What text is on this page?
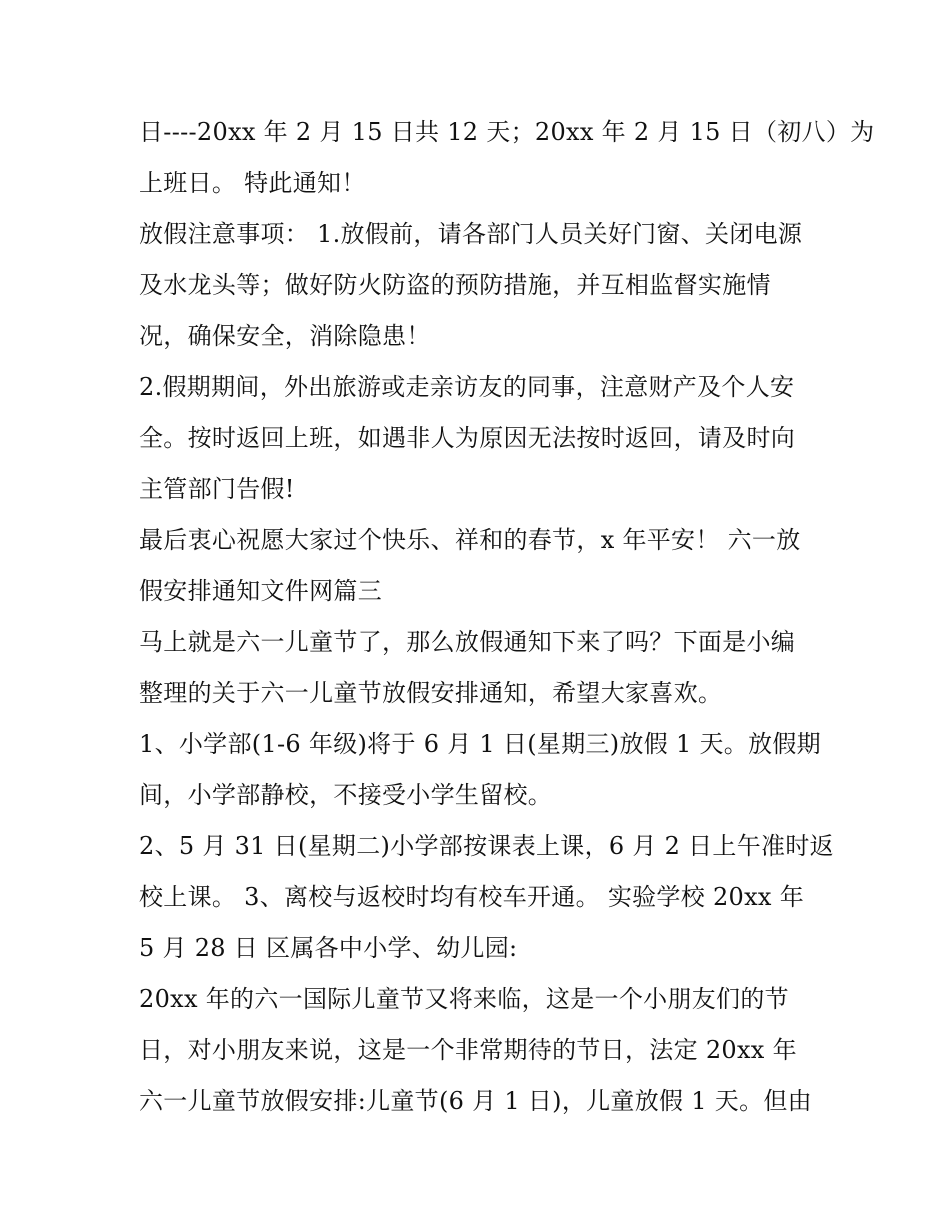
日----20xx 年 2 月 15 日共 12 天；20xx 年 2 月 15 日（初八）为
上班日。 特此通知！
放假注意事项： 1.放假前，请各部门人员关好门窗、关闭电源
及水龙头等；做好防火防盗的预防措施，并互相监督实施情
况，确保安全，消除隐患！
2.假期期间，外出旅游或走亲访友的同事，注意财产及个人安
全。按时返回上班，如遇非人为原因无法按时返回，请及时向
主管部门告假!
最后衷心祝愿大家过个快乐、祥和的春节，x 年平安！ 六一放
假安排通知文件网篇三
马上就是六一儿童节了，那么放假通知下来了吗？下面是小编
整理的关于六一儿童节放假安排通知，希望大家喜欢。
1、小学部(1-6 年级)将于 6 月 1 日(星期三)放假 1 天。放假期
间，小学部静校，不接受小学生留校。
2、5 月 31 日(星期二)小学部按课表上课，6 月 2 日上午准时返
校上课。 3、离校与返校时均有校车开通。 实验学校 20xx 年
5 月 28 日 区属各中小学、幼儿园:
20xx 年的六一国际儿童节又将来临，这是一个小朋友们的节
日，对小朋友来说，这是一个非常期待的节日，法定 20xx 年
六一儿童节放假安排:儿童节(6 月 1 日)，儿童放假 1 天。但由
